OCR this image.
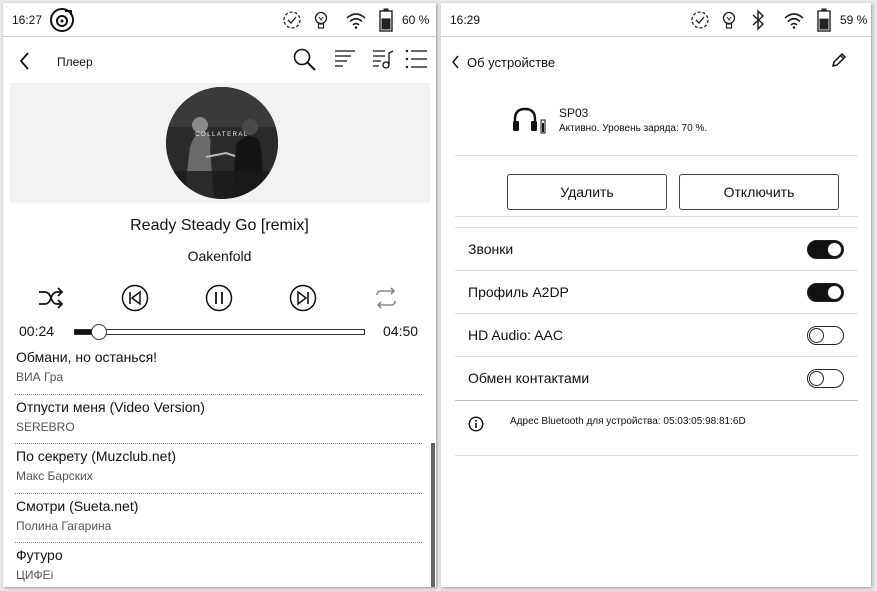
16:27	60 %
Плеер
COLLATERAL
Ready Steady Go [remix]
Oakenfold
00:24	04:50
Обмани, но останься!
ВИА Гра
Отпусти меня (Video Version)
SEREBRO
По секрету (Muzclub.net)
Макс Барских
Смотри (Sueta.net)
Полина Гагарина
Футуро
ЦИФЕі
16:29	59 %
Об устройстве
SP03
Активно. Уровень заряда: 70 %.
Удалить	Отключить
Звонки
Профиль A2DP
HD Audio: AAC
Обмен контактами
Адрес Bluetooth для устройства: 05:03:05:98:81:6D
